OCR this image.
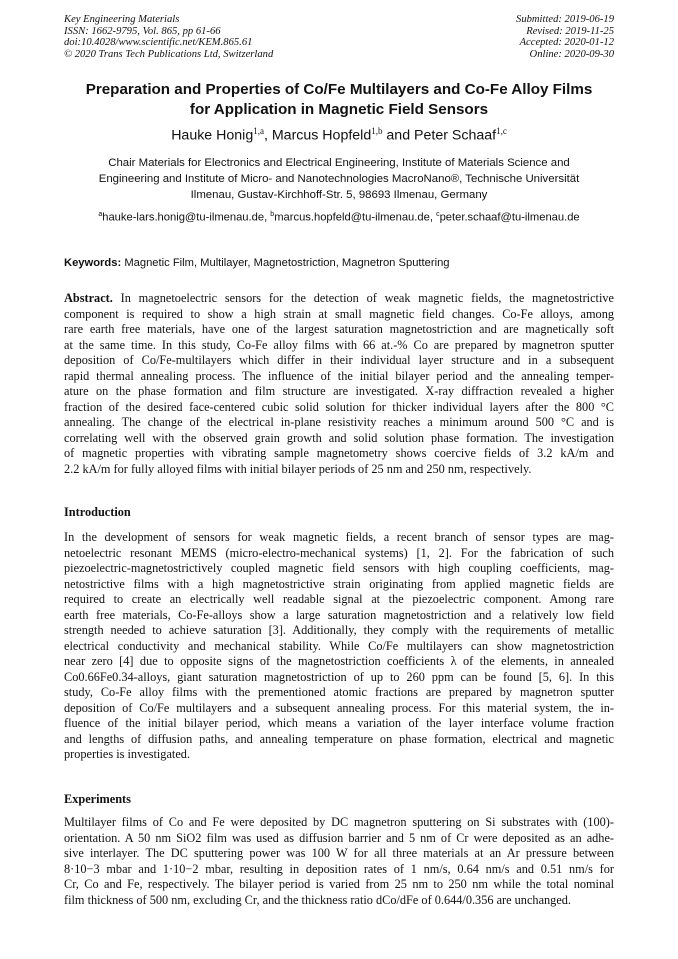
Key Engineering Materials
ISSN: 1662-9795, Vol. 865, pp 61-66
doi:10.4028/www.scientific.net/KEM.865.61
© 2020 Trans Tech Publications Ltd, Switzerland
Submitted: 2019-06-19
Revised: 2019-11-25
Accepted: 2020-01-12
Online: 2020-09-30
Preparation and Properties of Co/Fe Multilayers and Co-Fe Alloy Films
for Application in Magnetic Field Sensors
Hauke Honig$^{1,a}$, Marcus Hopfeld$^{1,b}$ and Peter Schaaf$^{1,c}$
Chair Materials for Electronics and Electrical Engineering, Institute of Materials Science and
Engineering and Institute of Micro- and Nanotechnologies MacroNano®, Technische Universität
Ilmenau, Gustav-Kirchhoff-Str. 5, 98693 Ilmenau, Germany
$^a$hauke-lars.honig@tu-ilmenau.de, $^b$marcus.hopfeld@tu-ilmenau.de, $^c$peter.schaaf@tu-ilmenau.de
Keywords: Magnetic Film, Multilayer, Magnetostriction, Magnetron Sputtering
Abstract. In magnetoelectric sensors for the detection of weak magnetic fields, the magnetostrictive
component is required to show a high strain at small magnetic field changes. Co-Fe alloys, among
rare earth free materials, have one of the largest saturation magnetostriction and are magnetically soft
at the same time. In this study, Co-Fe alloy films with 66 at.-% Co are prepared by magnetron sputter
deposition of Co/Fe-multilayers which differ in their individual layer structure and in a subsequent
rapid thermal annealing process. The influence of the initial bilayer period and the annealing temper-
ature on the phase formation and film structure are investigated. X-ray diffraction revealed a higher
fraction of the desired face-centered cubic solid solution for thicker individual layers after the 800 °C
annealing. The change of the electrical in-plane resistivity reaches a minimum around 500 °C and is
correlating well with the observed grain growth and solid solution phase formation. The investigation
of magnetic properties with vibrating sample magnetometry shows coercive fields of 3.2 kA/m and
2.2 kA/m for fully alloyed films with initial bilayer periods of 25 nm and 250 nm, respectively.
Introduction
In the development of sensors for weak magnetic fields, a recent branch of sensor types are mag-
netoelectric resonant MEMS (micro-electro-mechanical systems) [1, 2]. For the fabrication of such
piezoelectric-magnetostrictively coupled magnetic field sensors with high coupling coefficients, mag-
netostrictive films with a high magnetostrictive strain originating from applied magnetic fields are
required to create an electrically well readable signal at the piezoelectric component. Among rare
earth free materials, Co-Fe-alloys show a large saturation magnetostriction and a relatively low field
strength needed to achieve saturation [3]. Additionally, they comply with the requirements of metallic
electrical conductivity and mechanical stability. While Co/Fe multilayers can show magnetostriction
near zero [4] due to opposite signs of the magnetostriction coefficients λ of the elements, in annealed
Co0.66Fe0.34-alloys, giant saturation magnetostriction of up to 260 ppm can be found [5, 6]. In this
study, Co-Fe alloy films with the prementioned atomic fractions are prepared by magnetron sputter
deposition of Co/Fe multilayers and a subsequent annealing process. For this material system, the in-
fluence of the initial bilayer period, which means a variation of the layer interface volume fraction
and lengths of diffusion paths, and annealing temperature on phase formation, electrical and magnetic
properties is investigated.
Experiments
Multilayer films of Co and Fe were deposited by DC magnetron sputtering on Si substrates with (100)-
orientation. A 50 nm SiO2 film was used as diffusion barrier and 5 nm of Cr were deposited as an adhe-
sive interlayer. The DC sputtering power was 100 W for all three materials at an Ar pressure between
8·10−3 mbar and 1·10−2 mbar, resulting in deposition rates of 1 nm/s, 0.64 nm/s and 0.51 nm/s for
Cr, Co and Fe, respectively. The bilayer period is varied from 25 nm to 250 nm while the total nominal
film thickness of 500 nm, excluding Cr, and the thickness ratio dCo/dFe of 0.644/0.356 are unchanged.
